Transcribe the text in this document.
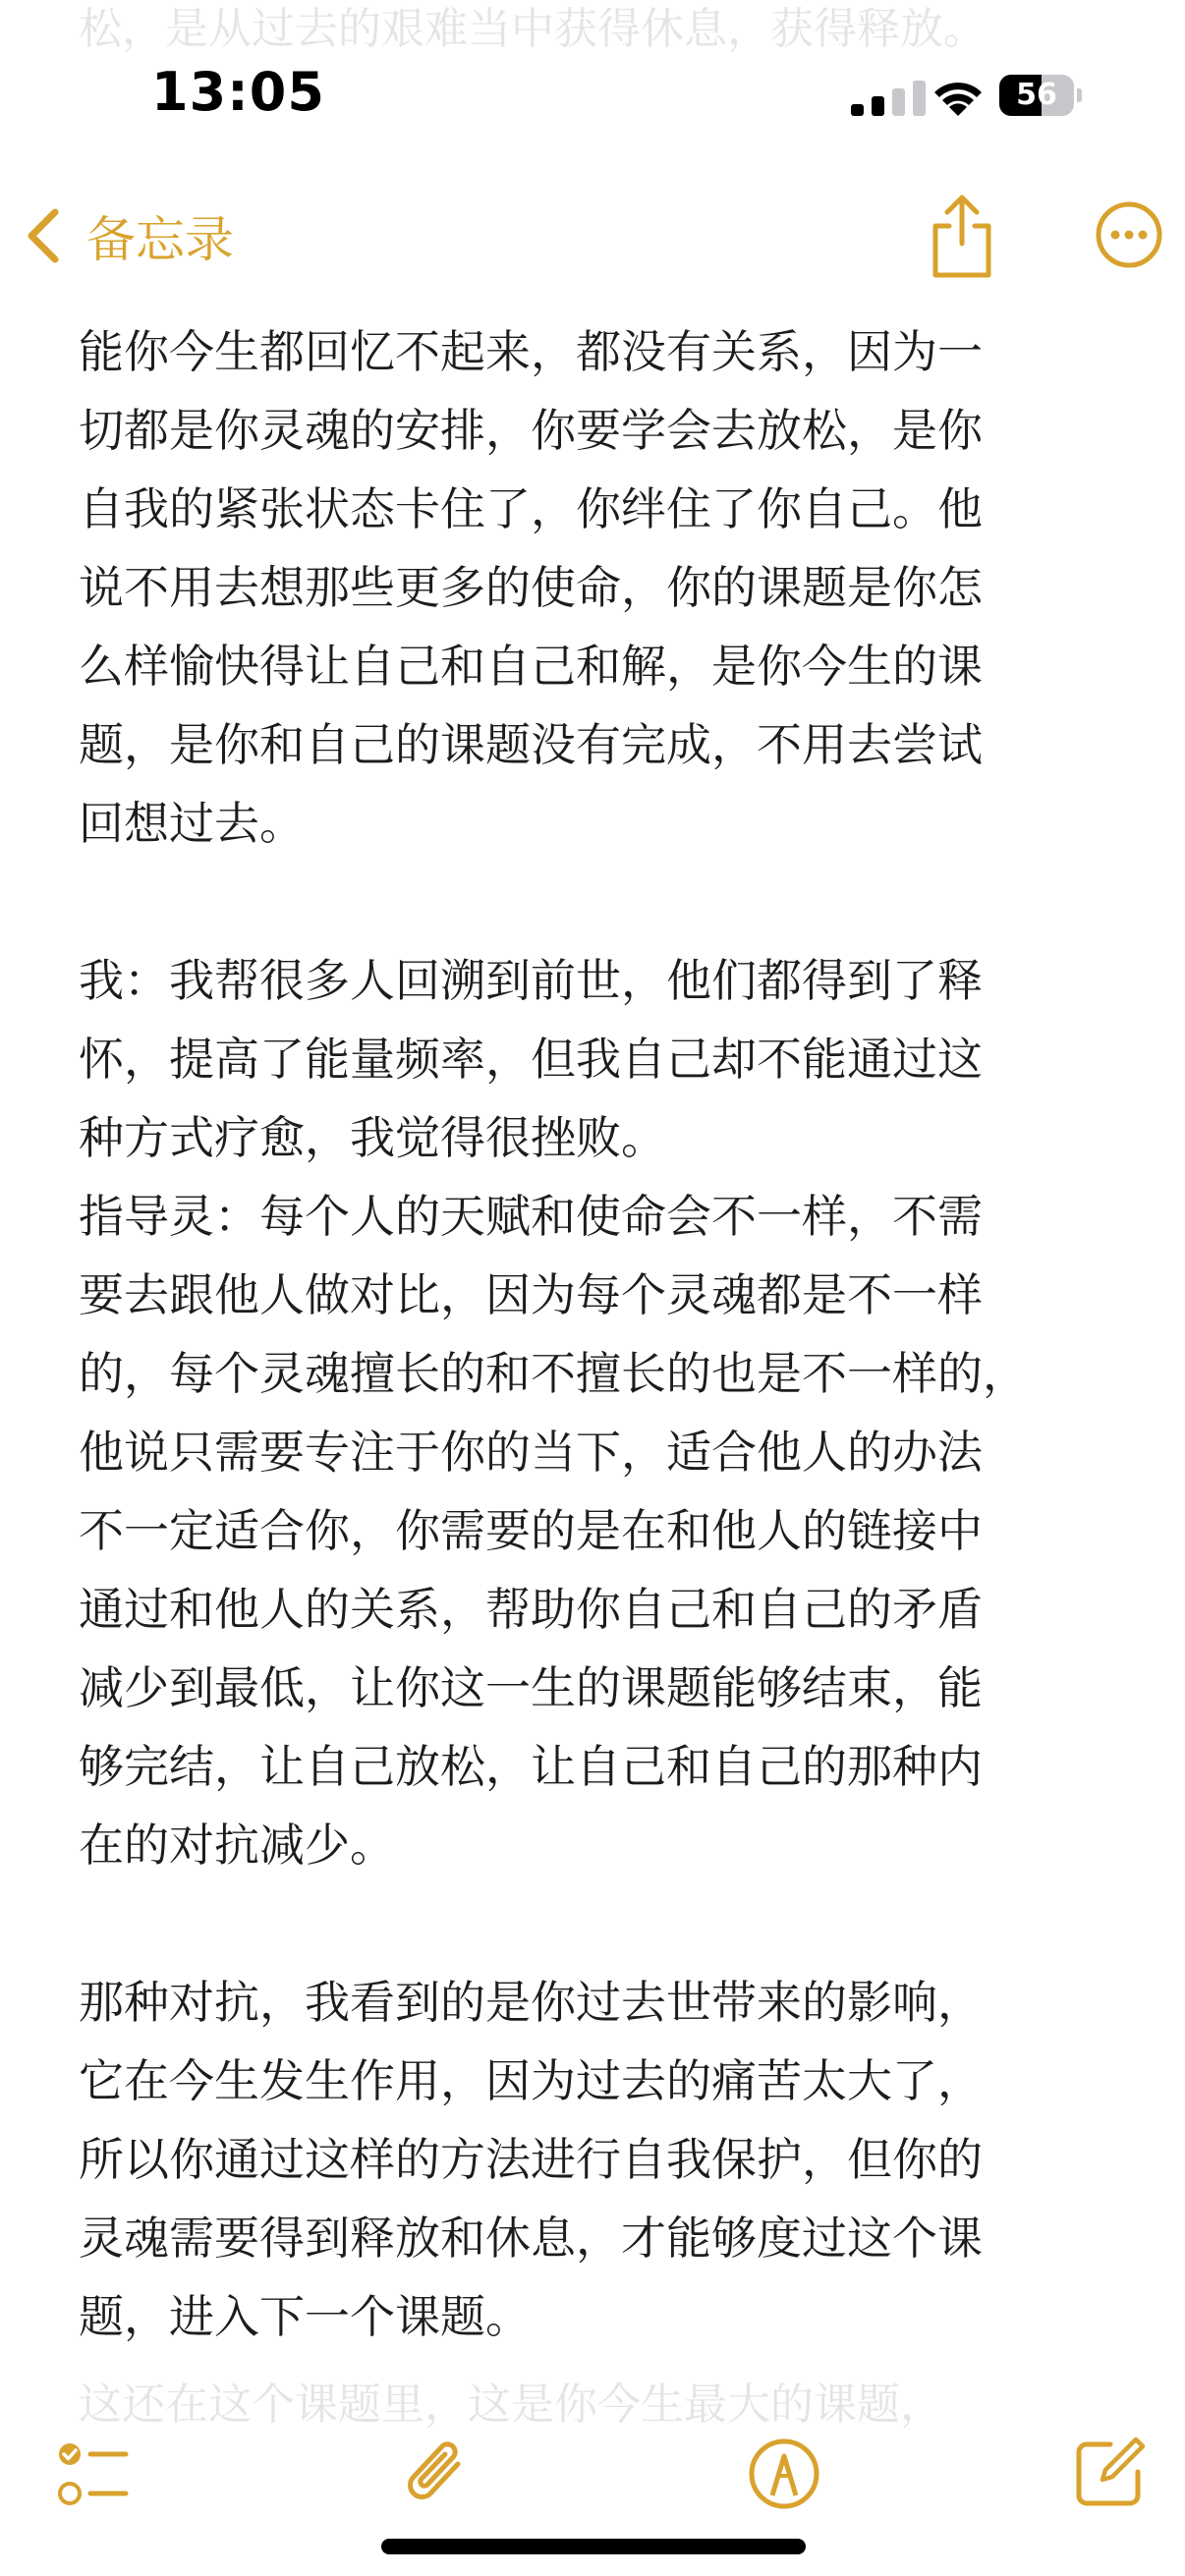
松，是从过去的艰难当中获得休息，获得释放。

13:05	56
备忘录
能你今生都回忆不起来，都没有关系，因为一
切都是你灵魂的安排，你要学会去放松，是你
自我的紧张状态卡住了，你绊住了你自己。他
说不用去想那些更多的使命，你的课题是你怎
么样愉快得让自己和自己和解，是你今生的课
题，是你和自己的课题没有完成，不用去尝试
回想过去。
我：我帮很多人回溯到前世，他们都得到了释
怀，提高了能量频率，但我自己却不能通过这
种方式疗愈，我觉得很挫败。
指导灵：每个人的天赋和使命会不一样，不需
要去跟他人做对比，因为每个灵魂都是不一样
的，每个灵魂擅长的和不擅长的也是不一样的，
他说只需要专注于你的当下，适合他人的办法
不一定适合你，你需要的是在和他人的链接中
通过和他人的关系，帮助你自己和自己的矛盾
减少到最低，让你这一生的课题能够结束，能
够完结，让自己放松，让自己和自己的那种内
在的对抗减少。
那种对抗，我看到的是你过去世带来的影响，
它在今生发生作用，因为过去的痛苦太大了，
所以你通过这样的方法进行自我保护，但你的
灵魂需要得到释放和休息，才能够度过这个课
题，进入下一个课题。

这还在这个课题里，这是你今生最大的课题，
